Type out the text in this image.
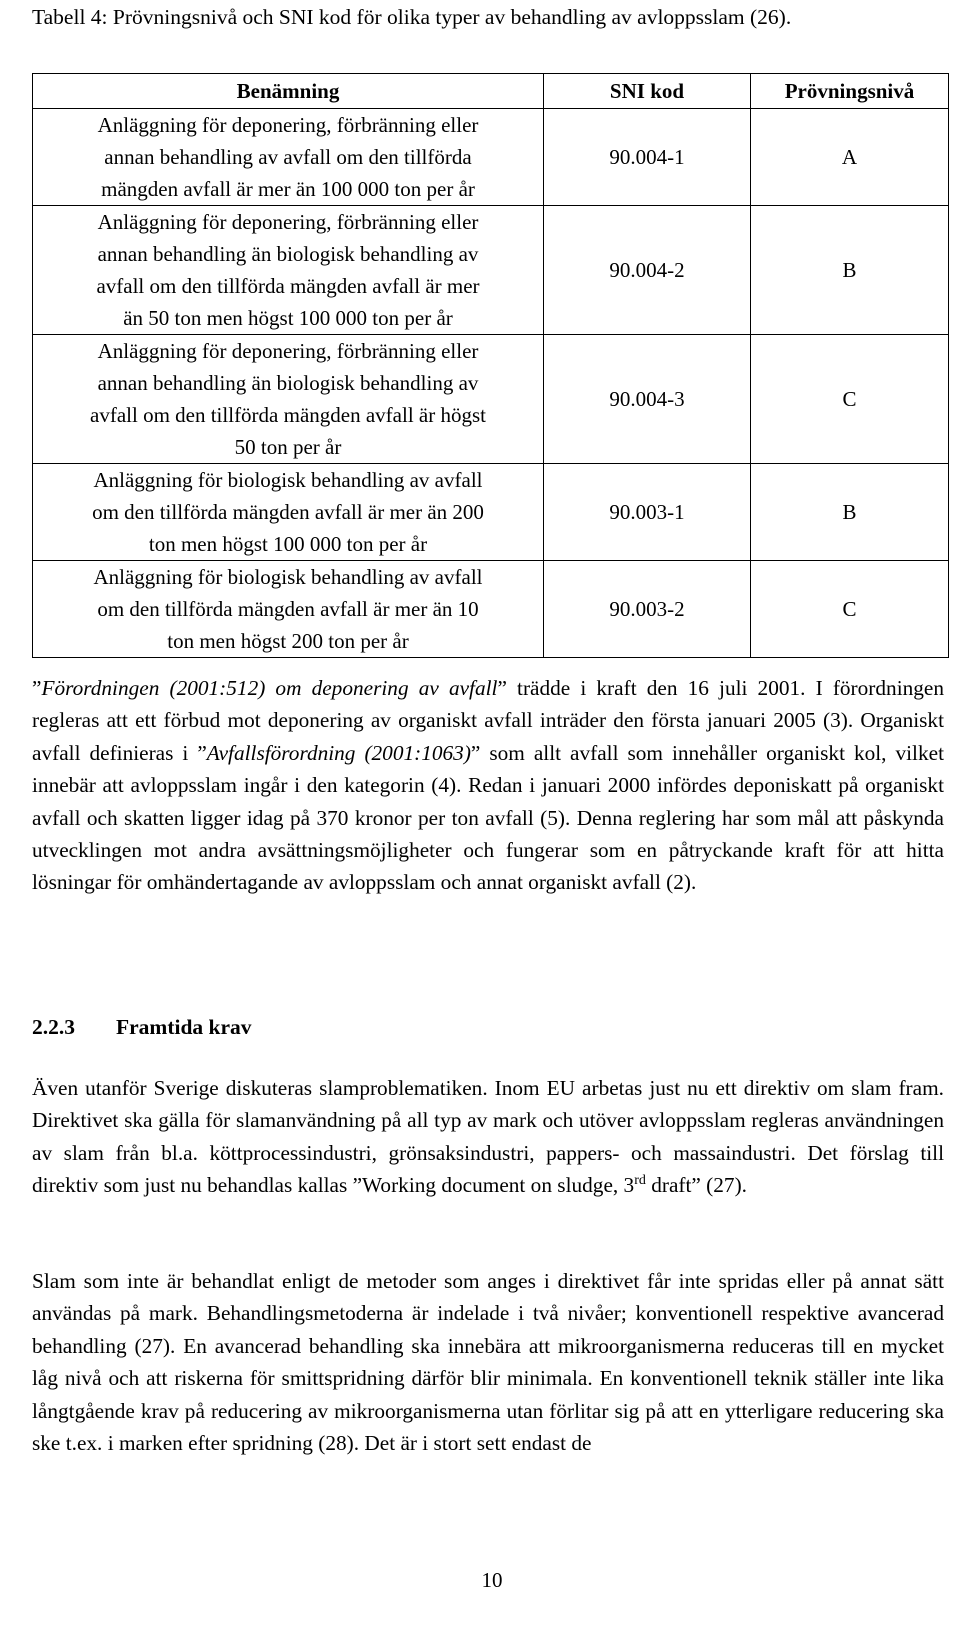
Tabell 4: Prövningsnivå och SNI kod för olika typer av behandling av avloppsslam (26).
Benämning	SNI kod	Prövningsnivå

Anläggning för deponering, förbränning eller
annan behandling av avfall om den tillförda
mängden avfall är mer än 100 000 ton per år	90.004-1	A

Anläggning för deponering, förbränning eller
annan behandling än biologisk behandling av
avfall om den tillförda mängden avfall är mer
än 50 ton men högst 100 000 ton per år	90.004-2	B

Anläggning för deponering, förbränning eller
annan behandling än biologisk behandling av
avfall om den tillförda mängden avfall är högst
50 ton per år	90.004-3	C

Anläggning för biologisk behandling av avfall
om den tillförda mängden avfall är mer än 200
ton men högst 100 000 ton per år	90.003-1	B

Anläggning för biologisk behandling av avfall
om den tillförda mängden avfall är mer än 10
ton men högst 200 ton per år	90.003-2	C

”Förordningen (2001:512) om deponering av avfall” trädde i kraft den 16 juli 2001. I förordningen regleras att ett förbud mot deponering av organiskt avfall inträder den första januari 2005 (3). Organiskt avfall definieras i ”Avfallsförordning (2001:1063)” som allt avfall som innehåller organiskt kol, vilket innebär att avloppsslam ingår i den kategorin (4). Redan i januari 2000 infördes deponiskatt på organiskt avfall och skatten ligger idag på 370 kronor per ton avfall (5). Denna reglering har som mål att påskynda utvecklingen mot andra avsättningsmöjligheter och fungerar som en påtryckande kraft för att hitta lösningar för omhändertagande av avloppsslam och annat organiskt avfall (2).

2.2.3 Framtida krav

Även utanför Sverige diskuteras slamproblematiken. Inom EU arbetas just nu ett direktiv om slam fram. Direktivet ska gälla för slamanvändning på all typ av mark och utöver avloppsslam regleras användningen av slam från bl.a. köttprocessindustri, grönsaksindustri, pappers- och massaindustri. Det förslag till direktiv som just nu behandlas kallas ”Working document on sludge, 3rd draft” (27).

Slam som inte är behandlat enligt de metoder som anges i direktivet får inte spridas eller på annat sätt användas på mark. Behandlingsmetoderna är indelade i två nivåer; konventionell respektive avancerad behandling (27). En avancerad behandling ska innebära att mikroorganismerna reduceras till en mycket låg nivå och att riskerna för smittspridning därför blir minimala. En konventionell teknik ställer inte lika långtgående krav på reducering av mikroorganismerna utan förlitar sig på att en ytterligare reducering ska ske t.ex. i marken efter spridning (28). Det är i stort sett endast de

10
